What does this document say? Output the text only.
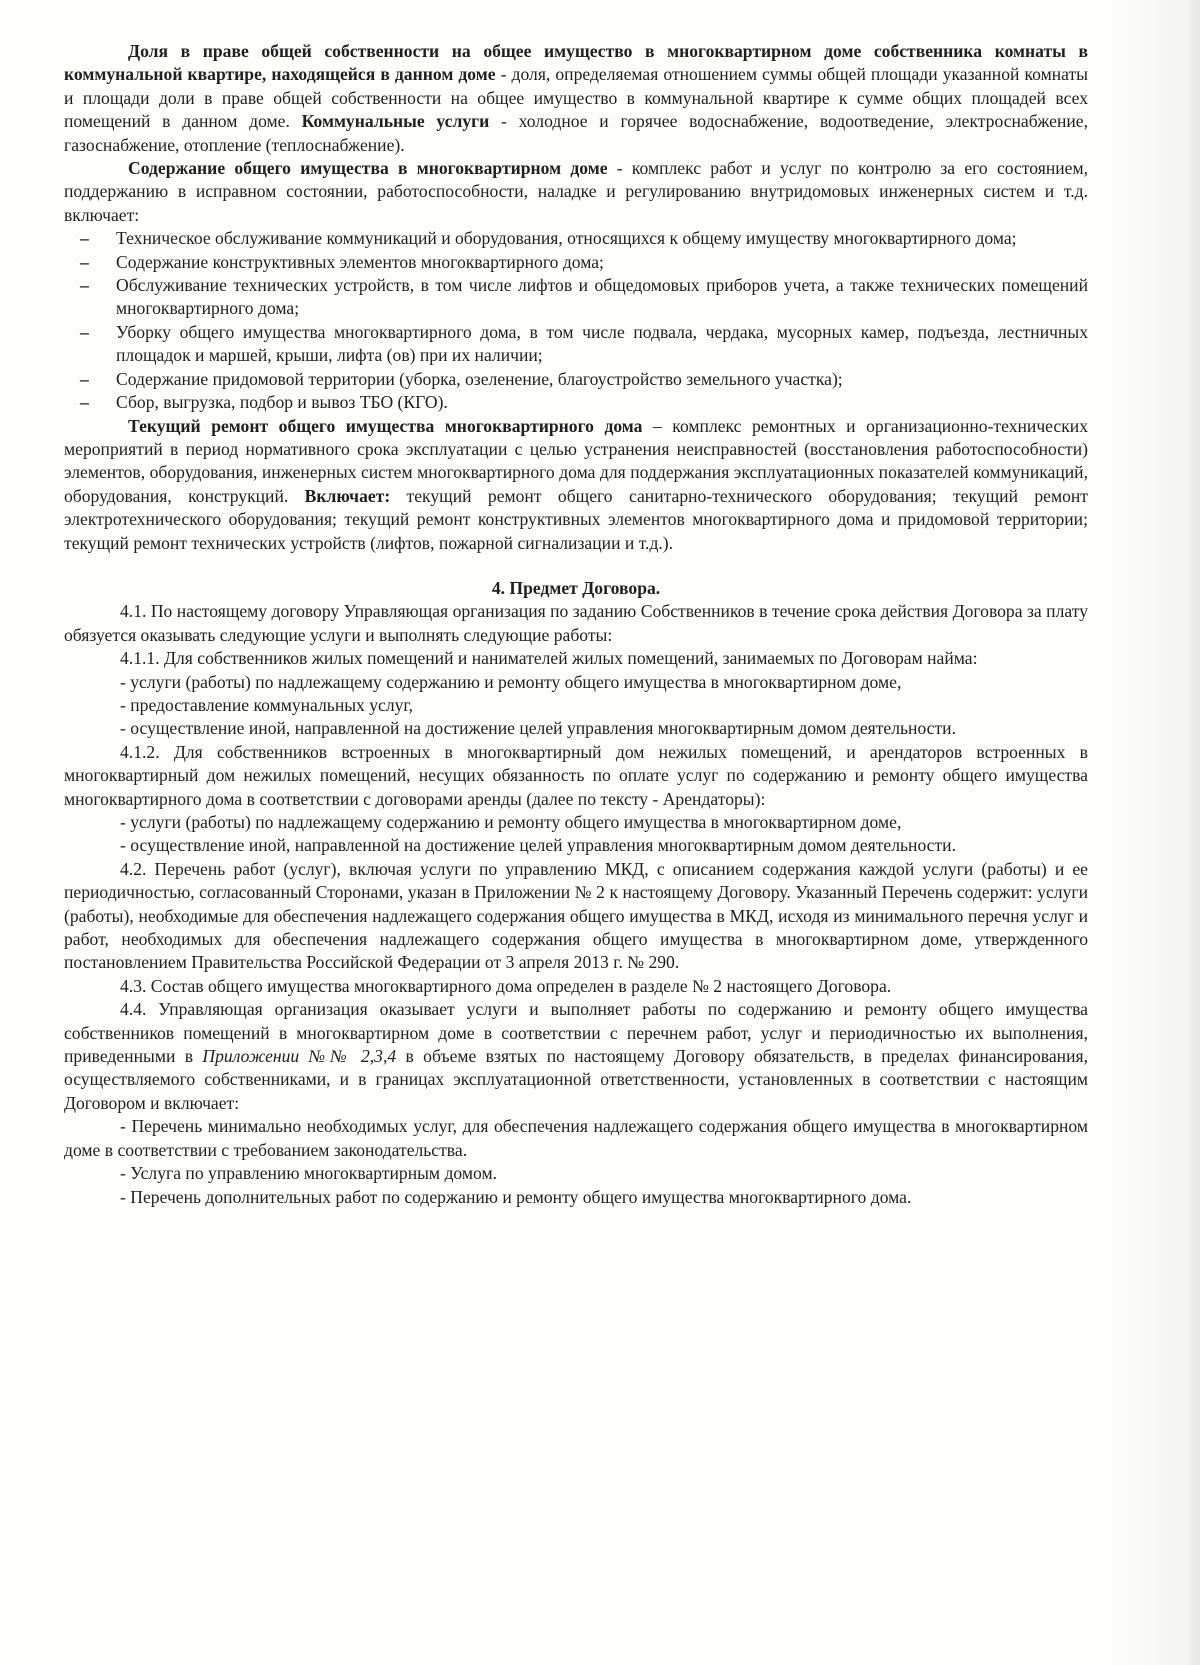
Доля в праве общей собственности на общее имущество в многоквартирном доме собственника комнаты в коммунальной квартире, находящейся в данном доме - доля, определяемая отношением суммы общей площади указанной комнаты и площади доли в праве общей собственности на общее имущество в коммунальной квартире к сумме общих площадей всех помещений в данном доме. Коммунальные услуги - холодное и горячее водоснабжение, водоотведение, электроснабжение, газоснабжение, отопление (теплоснабжение).

Содержание общего имущества в многоквартирном доме - комплекс работ и услуг по контролю за его состоянием, поддержанию в исправном состоянии, работоспособности, наладке и регулированию внутридомовых инженерных систем и т.д. включает:

– Техническое обслуживание коммуникаций и оборудования, относящихся к общему имуществу многоквартирного дома;
– Содержание конструктивных элементов многоквартирного дома;
– Обслуживание технических устройств, в том числе лифтов и общедомовых приборов учета, а также технических помещений многоквартирного дома;
– Уборку общего имущества многоквартирного дома, в том числе подвала, чердака, мусорных камер, подъезда, лестничных площадок и маршей, крыши, лифта (ов) при их наличии;
– Содержание придомовой территории (уборка, озеленение, благоустройство земельного участка);
– Сбор, выгрузка, подбор и вывоз ТБО (КГО).

Текущий ремонт общего имущества многоквартирного дома – комплекс ремонтных и организационно-технических мероприятий в период нормативного срока эксплуатации с целью устранения неисправностей (восстановления работоспособности) элементов, оборудования, инженерных систем многоквартирного дома для поддержания эксплуатационных показателей коммуникаций, оборудования, конструкций. Включает: текущий ремонт общего санитарно-технического оборудования; текущий ремонт электротехнического оборудования; текущий ремонт конструктивных элементов многоквартирного дома и придомовой территории; текущий ремонт технических устройств (лифтов, пожарной сигнализации и т.д.).

4. Предмет Договора.

4.1. По настоящему договору Управляющая организация по заданию Собственников в течение срока действия Договора за плату обязуется оказывать следующие услуги и выполнять следующие работы:

4.1.1. Для собственников жилых помещений и нанимателей жилых помещений, занимаемых по Договорам найма:

- услуги (работы) по надлежащему содержанию и ремонту общего имущества в многоквартирном доме,

- предоставление коммунальных услуг,

- осуществление иной, направленной на достижение целей управления многоквартирным домом деятельности.

4.1.2. Для собственников встроенных в многоквартирный дом нежилых помещений, и арендаторов встроенных в многоквартирный дом нежилых помещений, несущих обязанность по оплате услуг по содержанию и ремонту общего имущества многоквартирного дома в соответствии с договорами аренды (далее по тексту - Арендаторы):

- услуги (работы) по надлежащему содержанию и ремонту общего имущества в многоквартирном доме,

- осуществление иной, направленной на достижение целей управления многоквартирным домом деятельности.

4.2. Перечень работ (услуг), включая услуги по управлению МКД, с описанием содержания каждой услуги (работы) и ее периодичностью, согласованный Сторонами, указан в Приложении № 2 к настоящему Договору. Указанный Перечень содержит: услуги (работы), необходимые для обеспечения надлежащего содержания общего имущества в МКД, исходя из минимального перечня услуг и работ, необходимых для обеспечения надлежащего содержания общего имущества в многоквартирном доме, утвержденного постановлением Правительства Российской Федерации от 3 апреля 2013 г. № 290.

4.3. Состав общего имущества многоквартирного дома определен в разделе № 2 настоящего Договора.

4.4. Управляющая организация оказывает услуги и выполняет работы по содержанию и ремонту общего имущества собственников помещений в многоквартирном доме в соответствии с перечнем работ, услуг и периодичностью их выполнения, приведенными в Приложении №№ 2,3,4 в объеме взятых по настоящему Договору обязательств, в пределах финансирования, осуществляемого собственниками, и в границах эксплуатационной ответственности, установленных в соответствии с настоящим Договором и включает:

- Перечень минимально необходимых услуг, для обеспечения надлежащего содержания общего имущества в многоквартирном доме в соответствии с требованием законодательства.

- Услуга по управлению многоквартирным домом.

- Перечень дополнительных работ по содержанию и ремонту общего имущества многоквартирного дома.
